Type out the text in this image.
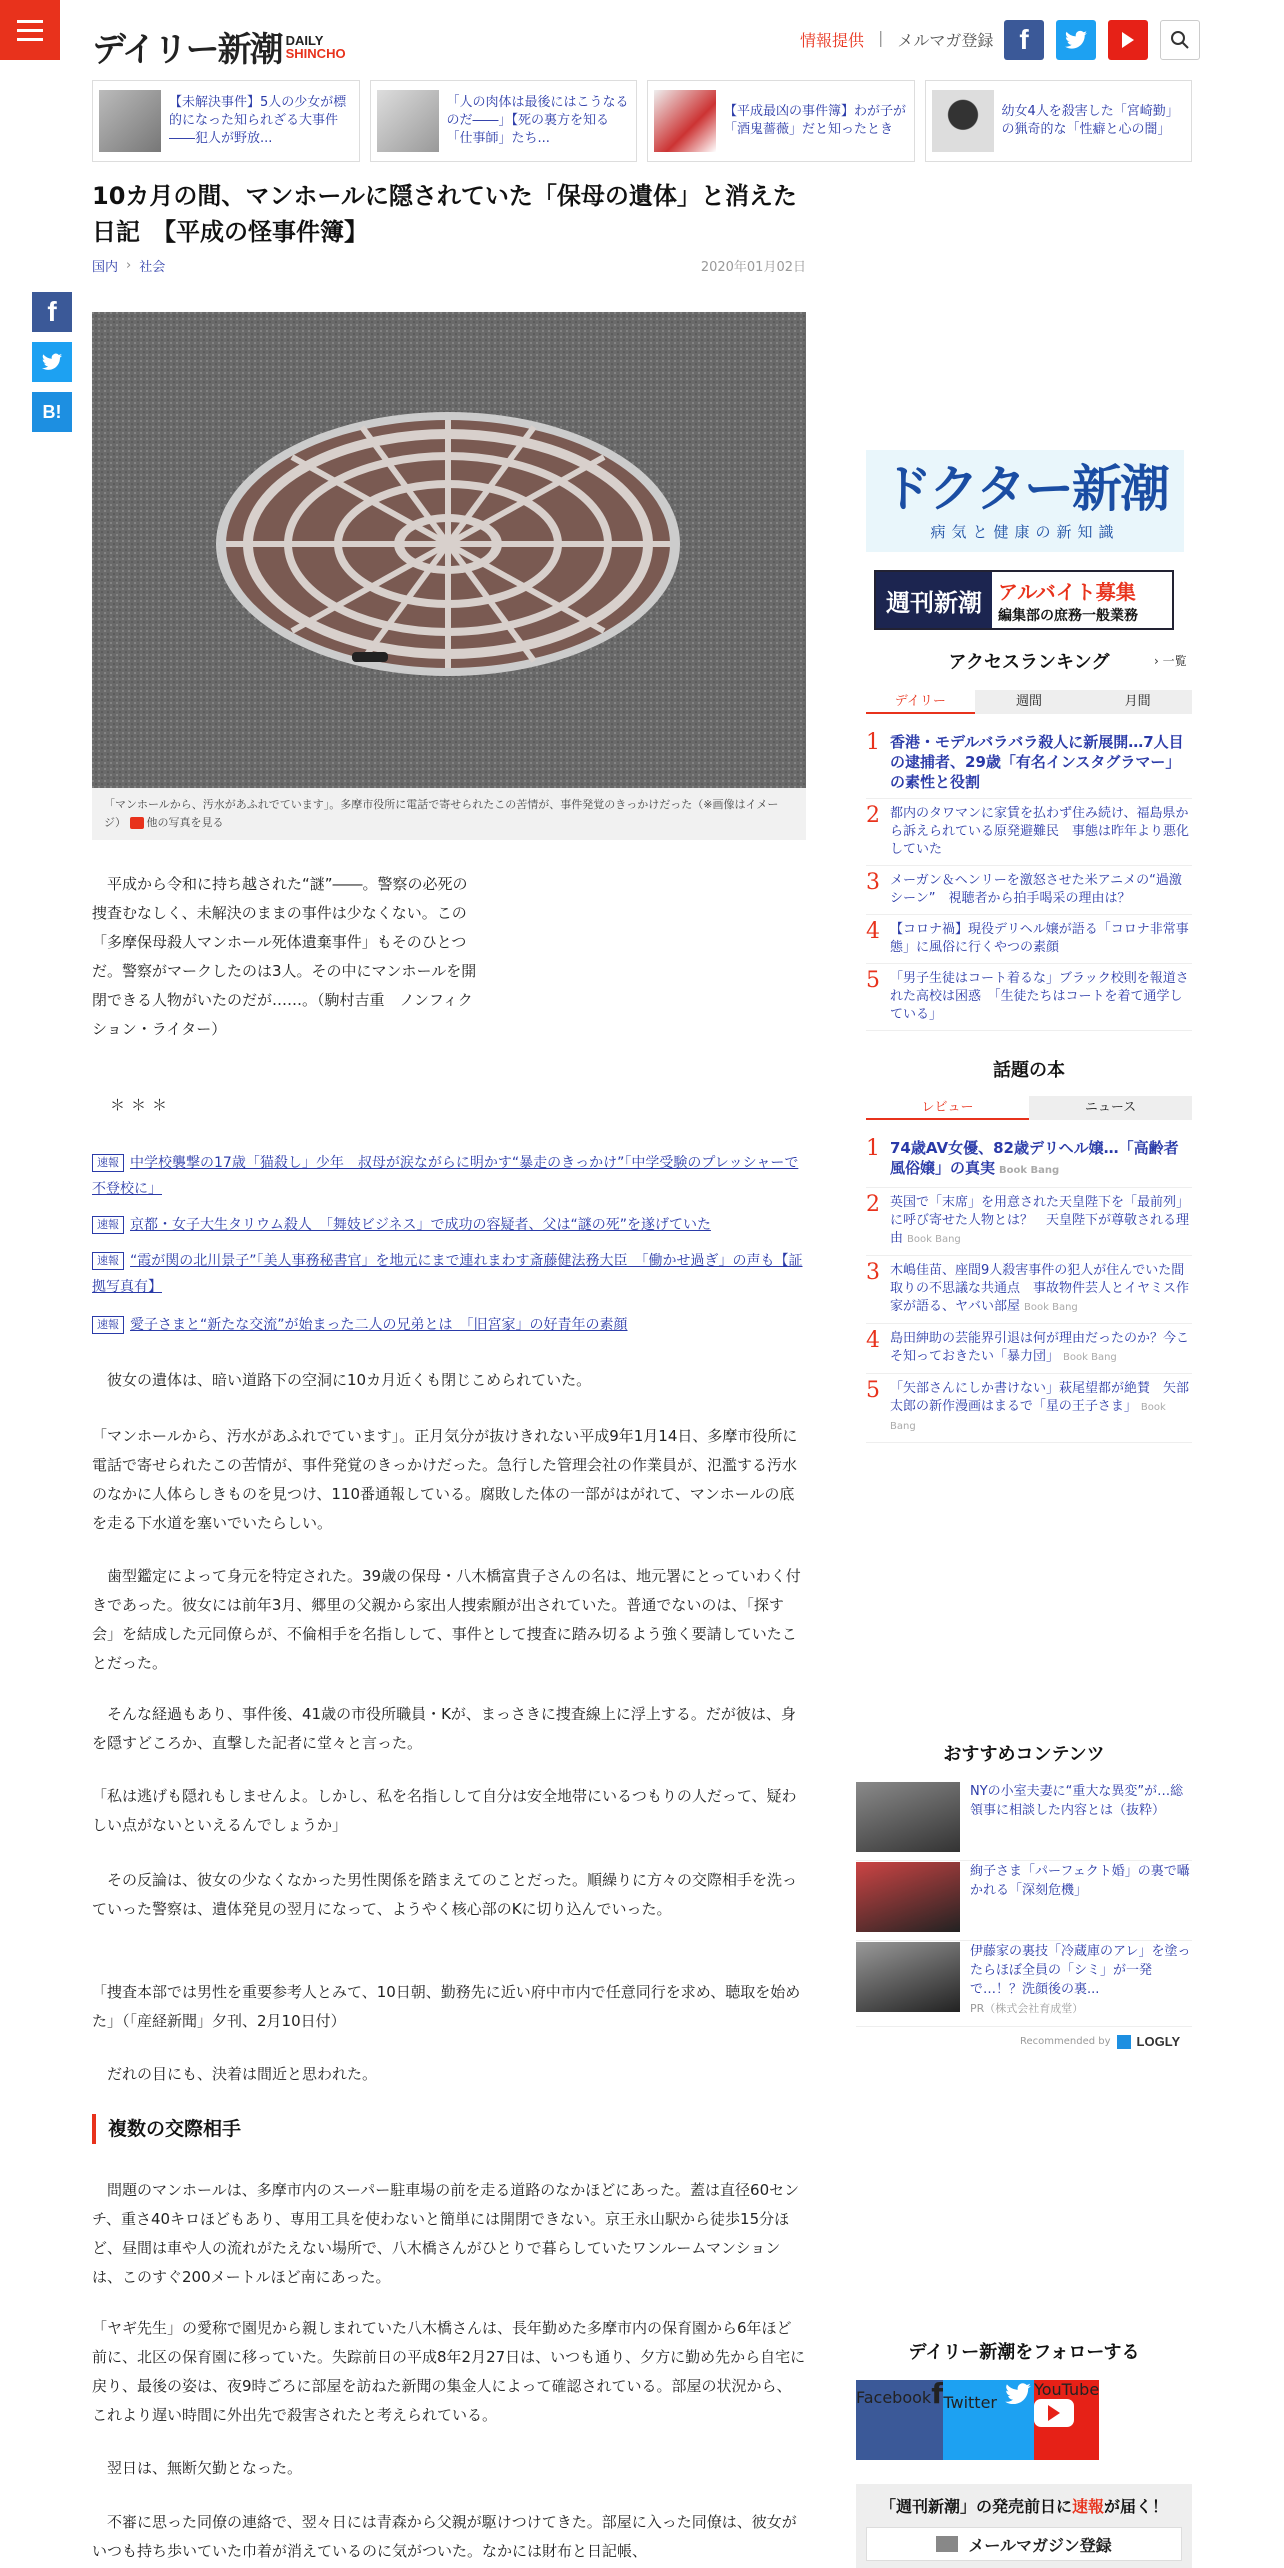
デイリー新潮 DAILY
SHINCHO
情報提供 | メルマガ登録 f

【未解決事件】5人の少女が標的になった知られざる大事件――犯人が野放...

「人の肉体は最後にはこうなるのだ――」【死の裏方を知る「仕事師」たち...

【平成最凶の事件簿】わが子が「酒鬼薔薇」だと知ったとき

幼女4人を殺害した「宮崎勤」の猟奇的な「性癖と心の闇」

10カ月の間、マンホールに隠されていた「保母の遺体」と消えた日記　【平成の怪事件簿】
国内 › 社会	2020年01月02日
f
B!
「マンホールから、汚水があふれでています」。多摩市役所に電話で寄せられたこの苦情が、事件発覚のきっかけだった（※画像はイメージ） 他の写真を見る

平成から令和に持ち越された“謎”――。警察の必死の捜査むなしく、未解決のままの事件は少なくない。この「多摩保母殺人マンホール死体遺棄事件」もそのひとつだ。警察がマークしたのは3人。その中にマンホールを開閉できる人物がいたのだが……。（駒村吉重　ノンフィクション・ライター）

＊＊＊
速報 中学校襲撃の17歳「猫殺し」少年　叔母が涙ながらに明かす“暴走のきっかけ”「中学受験のプレッシャーで不登校に」
速報 京都・女子大生タリウム殺人　「舞妓ビジネス」で成功の容疑者、父は“謎の死”を遂げていた
速報 “霞が関の北川景子”「美人事務秘書官」を地元にまで連れまわす斎藤健法務大臣　「働かせ過ぎ」の声も【証拠写真有】
速報 愛子さまと“新たな交流”が始まった二人の兄弟とは　「旧宮家」の好青年の素顔

彼女の遺体は、暗い道路下の空洞に10カ月近くも閉じこめられていた。

「マンホールから、汚水があふれでています」。正月気分が抜けきれない平成9年1月14日、多摩市役所に電話で寄せられたこの苦情が、事件発覚のきっかけだった。急行した管理会社の作業員が、氾濫する汚水のなかに人体らしきものを見つけ、110番通報している。腐敗した体の一部がはがれて、マンホールの底を走る下水道を塞いでいたらしい。

歯型鑑定によって身元を特定された。39歳の保母・八木橋富貴子さんの名は、地元署にとっていわく付きであった。彼女には前年3月、郷里の父親から家出人捜索願が出されていた。普通でないのは、「探す会」を結成した元同僚らが、不倫相手を名指しして、事件として捜査に踏み切るよう強く要請していたことだった。

そんな経過もあり、事件後、41歳の市役所職員・Kが、まっさきに捜査線上に浮上する。だが彼は、身を隠すどころか、直撃した記者に堂々と言った。

「私は逃げも隠れもしませんよ。しかし、私を名指しして自分は安全地帯にいるつもりの人だって、疑わしい点がないといえるんでしょうか」

その反論は、彼女の少なくなかった男性関係を踏まえてのことだった。順繰りに方々の交際相手を洗っていった警察は、遺体発見の翌月になって、ようやく核心部のKに切り込んでいった。

「捜査本部では男性を重要参考人とみて、10日朝、勤務先に近い府中市内で任意同行を求め、聴取を始めた」（「産経新聞」夕刊、2月10日付）

だれの目にも、決着は間近と思われた。

複数の交際相手

問題のマンホールは、多摩市内のスーパー駐車場の前を走る道路のなかほどにあった。蓋は直径60センチ、重さ40キロほどもあり、専用工具を使わないと簡単には開閉できない。京王永山駅から徒歩15分ほど、昼間は車や人の流れがたえない場所で、八木橋さんがひとりで暮らしていたワンルームマンションは、このすぐ200メートルほど南にあった。

「ヤギ先生」の愛称で園児から親しまれていた八木橋さんは、長年勤めた多摩市内の保育園から6年ほど前に、北区の保育園に移っていた。失踪前日の平成8年2月27日は、いつも通り、夕方に勤め先から自宅に戻り、最後の姿は、夜9時ごろに部屋を訪ねた新聞の集金人によって確認されている。部屋の状況から、これより遅い時間に外出先で殺害されたと考えられている。

翌日は、無断欠勤となった。

不審に思った同僚の連絡で、翌々日には青森から父親が駆けつけてきた。部屋に入った同僚は、彼女がいつも持ち歩いていた巾着が消えているのに気がついた。なかには財布と日記帳、

ドクター新潮
病気と健康の新知識
週刊新潮 アルバイト募集
編集部の庶務一般業務
アクセスランキング	› 一覧
デイリー	週間	月間
1 香港・モデルバラバラ殺人に新展開…7人目の逮捕者、29歳「有名インスタグラマー」の素性と役割
2 都内のタワマンに家賃を払わず住み続け、福島県から訴えられている原発避難民　事態は昨年より悪化していた
3 メーガン＆ヘンリーを激怒させた米アニメの“過激シーン”　視聴者から拍手喝采の理由は？
4 【コロナ禍】現役デリヘル嬢が語る「コロナ非常事態」に風俗に行くやつの素顔
5 「男子生徒はコート着るな」ブラック校則を報道された高校は困惑　「生徒たちはコートを着て通学している」
話題の本
レビュー	ニュース
1 74歳AV女優、82歳デリヘル嬢…「高齢者風俗嬢」の真実 Book Bang
2 英国で「末席」を用意された天皇陛下を「最前列」に呼び寄せた人物とは？　天皇陛下が尊敬される理由 Book Bang
3 木嶋佳苗、座間9人殺害事件の犯人が住んでいた間取りの不思議な共通点　事故物件芸人とイヤミス作家が語る、ヤバい部屋 Book Bang
4 島田紳助の芸能界引退は何が理由だったのか？今こそ知っておきたい「暴力団」 Book Bang
5 「矢部さんにしか書けない」萩尾望都が絶賛　矢部太郎の新作漫画はまるで「星の王子さま」 Book Bang
おすすめコンテンツ
NYの小室夫妻に“重大な異変”が…総領事に相談した内容とは（抜粋）
絢子さま「パーフェクト婚」の裏で囁かれる「深刻危機」
伊藤家の裏技「冷蔵庫のアレ」を塗ったらほぼ全員の「シミ」が一発で…！？洗顔後の裏...
PR（株式会社育成堂）
Recommended by LOGLY
デイリー新潮をフォローする
Facebookf Twitter
YouTube
「週刊新潮」の発売前日に速報が届く！
メールマガジン登録
